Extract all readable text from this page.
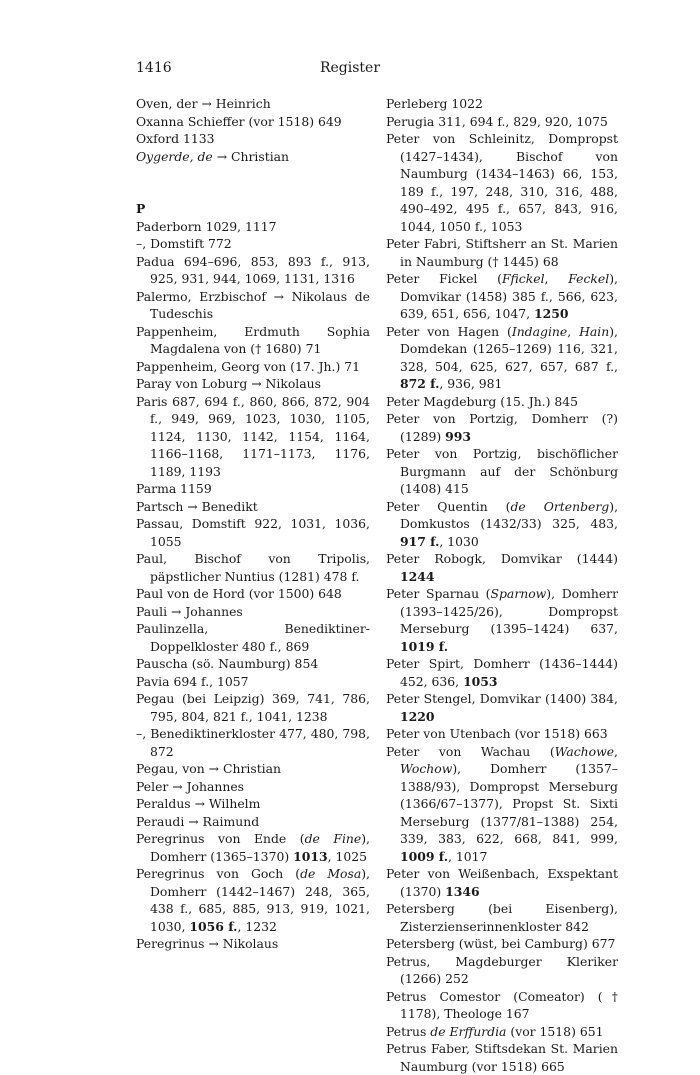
1416	Register
Oven, der → Heinrich
Oxanna Schieffer (vor 1518) 649
Oxford 1133
Oygerde, de → Christian
P
Paderborn 1029, 1117
–, Domstift 772
Padua 694–696, 853, 893 f., 913, 925, 931, 944, 1069, 1131, 1316
Palermo, Erzbischof → Nikolaus de Tudeschis
Pappenheim, Erdmuth Sophia Magdalena von († 1680) 71
Pappenheim, Georg von (17. Jh.) 71
Paray von Loburg → Nikolaus
Paris 687, 694 f., 860, 866, 872, 904 f., 949, 969, 1023, 1030, 1105, 1124, 1130, 1142, 1154, 1164, 1166–1168, 1171–1173, 1176, 1189, 1193
Parma 1159
Partsch → Benedikt
Passau, Domstift 922, 1031, 1036, 1055
Paul, Bischof von Tripolis, päpstlicher Nuntius (1281) 478 f.
Paul von de Hord (vor 1500) 648
Pauli → Johannes
Paulinzella, Benediktiner-Doppelkloster 480 f., 869
Pauscha (sö. Naumburg) 854
Pavia 694 f., 1057
Pegau (bei Leipzig) 369, 741, 786, 795, 804, 821 f., 1041, 1238
–, Benediktinerkloster 477, 480, 798, 872
Pegau, von → Christian
Peler → Johannes
Peraldus → Wilhelm
Peraudi → Raimund
Peregrinus von Ende (de Fine), Domherr (1365–1370) 1013, 1025
Peregrinus von Goch (de Mosa), Domherr (1442–1467) 248, 365, 438 f., 685, 885, 913, 919, 1021, 1030, 1056 f., 1232
Peregrinus → Nikolaus
Perleberg 1022
Perugia 311, 694 f., 829, 920, 1075
Peter von Schleinitz, Dompropst (1427–1434), Bischof von Naumburg (1434–1463) 66, 153, 189 f., 197, 248, 310, 316, 488, 490–492, 495 f., 657, 843, 916, 1044, 1050 f., 1053
Peter Fabri, Stiftsherr an St. Marien in Naumburg († 1445) 68
Peter Fickel (Ffickel, Feckel), Domvikar (1458) 385 f., 566, 623, 639, 651, 656, 1047, 1250
Peter von Hagen (Indagine, Hain), Domdekan (1265–1269) 116, 321, 328, 504, 625, 627, 657, 687 f., 872 f., 936, 981
Peter Magdeburg (15. Jh.) 845
Peter von Portzig, Domherr (?) (1289) 993
Peter von Portzig, bischöflicher Burgmann auf der Schönburg (1408) 415
Peter Quentin (de Ortenberg), Domkustos (1432/33) 325, 483, 917 f., 1030
Peter Robogk, Domvikar (1444) 1244
Peter Sparnau (Sparnow), Domherr (1393–1425/26), Dompropst Merseburg (1395–1424) 637, 1019 f.
Peter Spirt, Domherr (1436–1444) 452, 636, 1053
Peter Stengel, Domvikar (1400) 384, 1220
Peter von Utenbach (vor 1518) 663
Peter von Wachau (Wachowe, Wochow), Domherr (1357–1388/93), Dompropst Merseburg (1366/67–1377), Propst St. Sixti Merseburg (1377/81–1388) 254, 339, 383, 622, 668, 841, 999, 1009 f., 1017
Peter von Weißenbach, Exspektant (1370) 1346
Petersberg (bei Eisenberg), Zisterzienserinnenkloster 842
Petersberg (wüst, bei Camburg) 677
Petrus, Magdeburger Kleriker (1266) 252
Petrus Comestor (Comeator) († 1178), Theologe 167
Petrus de Erffurdia (vor 1518) 651
Petrus Faber, Stiftsdekan St. Marien Naumburg (vor 1518) 665
